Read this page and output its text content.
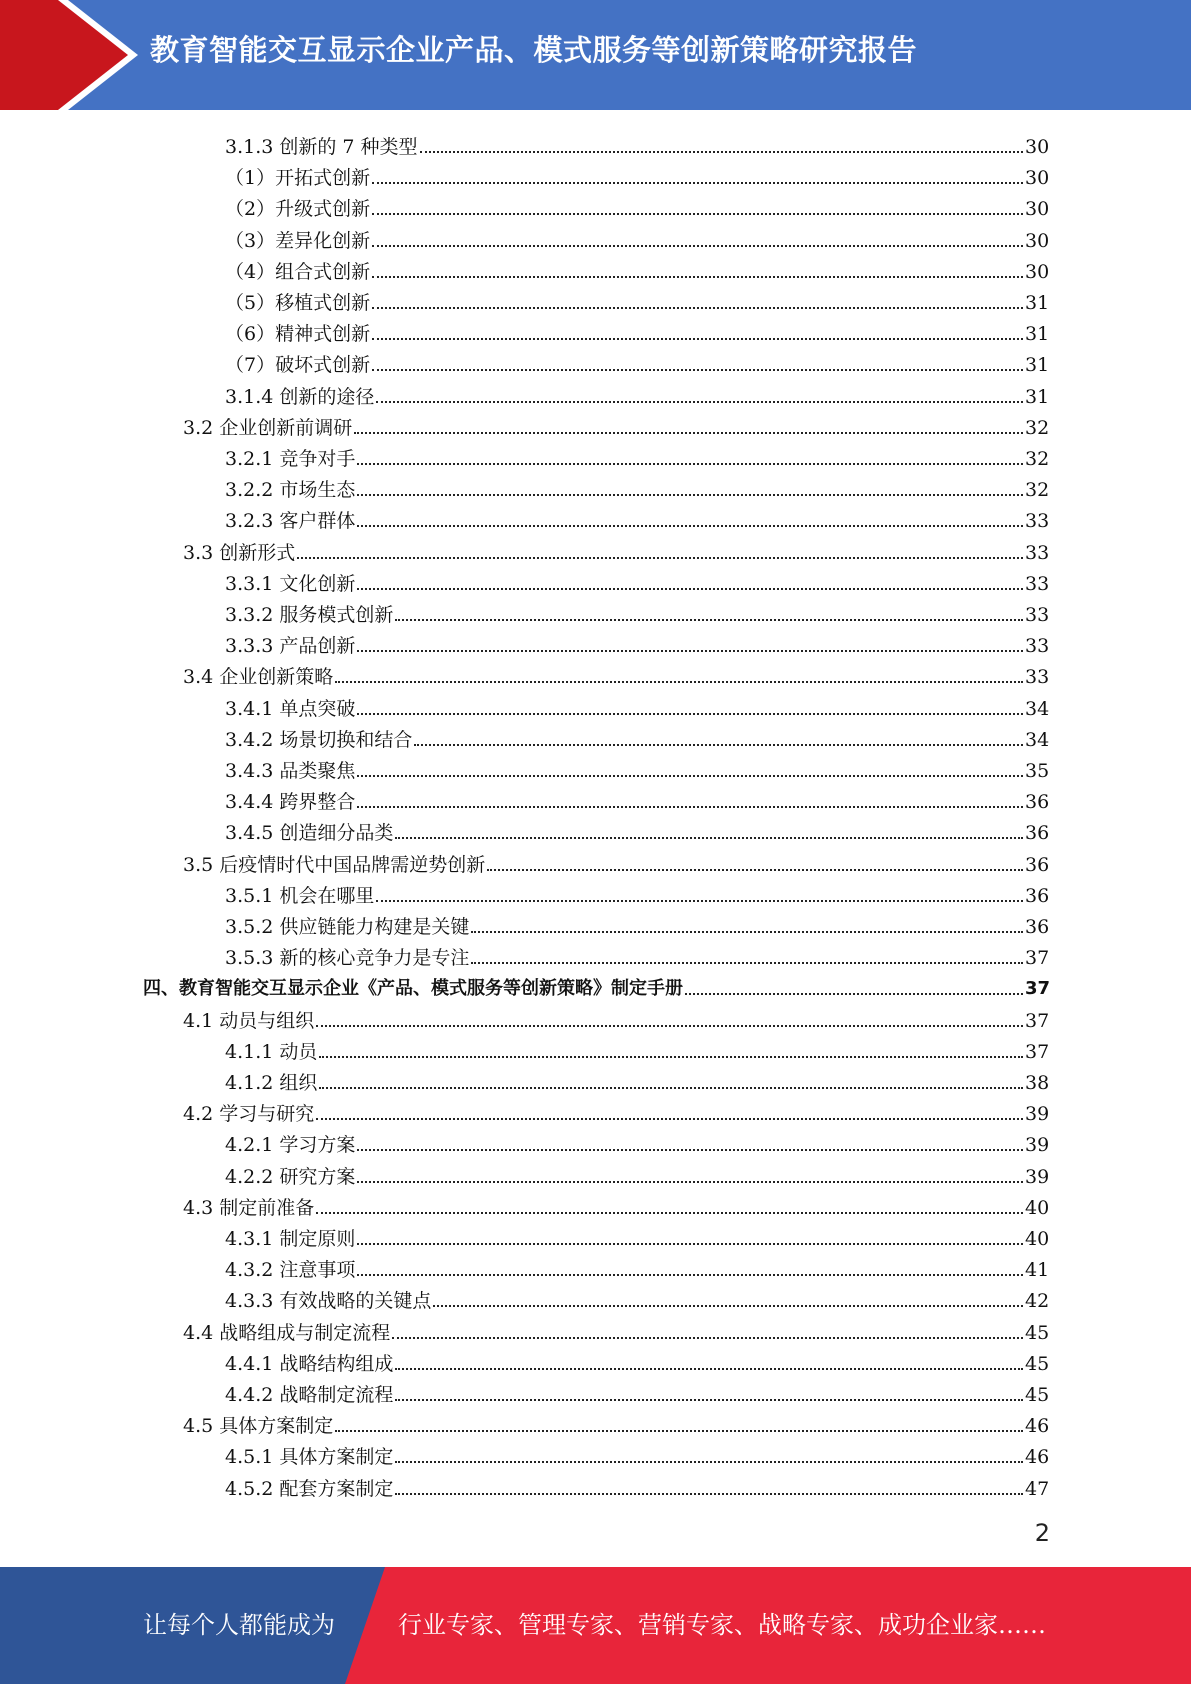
教育智能交互显示企业产品、模式服务等创新策略研究报告
3.1.3 创新的 7 种类型	30
（1）开拓式创新	30
（2）升级式创新	30
（3）差异化创新	30
（4）组合式创新	30
（5）移植式创新	31
（6）精神式创新	31
（7）破坏式创新	31
3.1.4 创新的途径	31
3.2 企业创新前调研	32
3.2.1 竞争对手	32
3.2.2 市场生态	32
3.2.3 客户群体	33
3.3 创新形式	33
3.3.1 文化创新	33
3.3.2 服务模式创新	33
3.3.3 产品创新	33
3.4 企业创新策略	33
3.4.1 单点突破	34
3.4.2 场景切换和结合	34
3.4.3 品类聚焦	35
3.4.4 跨界整合	36
3.4.5 创造细分品类	36
3.5 后疫情时代中国品牌需逆势创新	36
3.5.1 机会在哪里	36
3.5.2 供应链能力构建是关键	36
3.5.3 新的核心竞争力是专注	37
四、教育智能交互显示企业《产品、模式服务等创新策略》制定手册	37
4.1 动员与组织	37
4.1.1 动员	37
4.1.2 组织	38
4.2 学习与研究	39
4.2.1 学习方案	39
4.2.2 研究方案	39
4.3 制定前准备	40
4.3.1 制定原则	40
4.3.2 注意事项	41
4.3.3 有效战略的关键点	42
4.4 战略组成与制定流程	45
4.4.1 战略结构组成	45
4.4.2 战略制定流程	45
4.5 具体方案制定	46
4.5.1 具体方案制定	46
4.5.2 配套方案制定	47
2
让每个人都能成为	行业专家、管理专家、营销专家、战略专家、成功企业家……
